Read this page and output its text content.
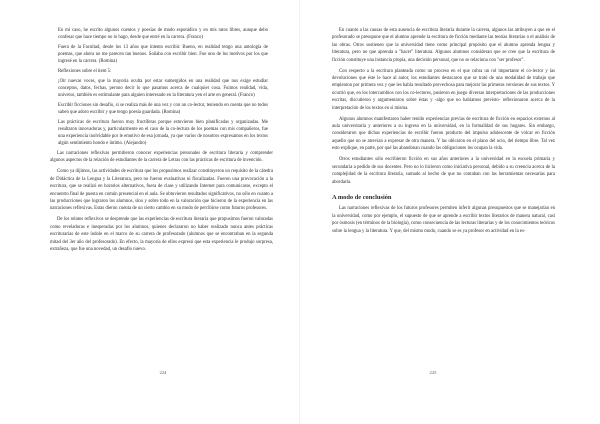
En mi caso, he escrito algunos cuentos y poesías de modo esporádico y en mis ratos libres, aunque debo confesar que hace tiempo no lo hago, desde que entré en la carrera. (Franco)

Fuera de la Facultad, desde los 13 años que intento escribir. Bueno, en realidad tengo una antología de poemas, que ahora no me parecen tan buenos. Soñaba con escribir bien. Fue uno de los motivos por los que ingresé en la carrera. (Romina)

Reflexiones sobre el ítem 5:

¡Oír nuevas voces, que la mayoría oculta por estar sumergidos en una realidad que nos exige estudiar conceptos, datos, fechas, perono decir lo que pasamos acerca de cualquier cosa. Fuimos realidad, vida, universo, también es estimulante para alguien interesado en la literatura yen el arte en general. (Franco)

Escribir ficciones sin desafío, si se realiza más de una vez y con un co-lector, teniendo en cuenta que no todos saben que adoro escribir y que tengo poesía guardada. (Romina)

Las prácticas de escritura fueron muy fructíferas porque estuvieron bien planificadas y organizadas. Me resultaron innovadoras y, particularmente en el caso de la co-lectura de los poemas con mis compañeros, fue una experiencia inolvidable por le emotivo de esa jornada, ya que varios de nosotros expresamos en los textos algún sentimiento hondo e íntimo. (Alejandro)

Las narraciones reflexivas permitieron conocer experiencias personales de escritura literaria y comprender algunos aspectos de la relación de estudiantes de la carrera de Letras con las prácticas de escritura de invención.

Como ya dijimos, las actividades de escritura que los propusimos realizar constituyeron un requisito de la cátedra de Didáctica de la Lengua y la Literatura, pero no fueron evaluativas ni fiscalizadas. Fueron una provocación a la escritura, que se realizó en horarios alternativos, fuera de clase y utilizando Internet para comunicarse, excepto el encuentro final de puesta en común presencial en el aula. Se obtuvieron resultados significativos, no sólo en cuanto a las producciones que lograron los alumnos, sino y sobre todo en la valoración que hicieron de la experiencia en las narraciones reflexivas. Estas dieron cuenta de un cierto cambio en su modo de percibirse como futuros profesores.

De los relatos reflexivos se desprende que las experiencias de escritura literaria que propusimos fueron valoradas como reveladoras e inesperadas por los alumnos, quienes declararon no haber realizado nunca antes prácticas escriturarias de este índole en el marco de su carrera de profesorado (alumnos que se encontraban en la segunda mitad del 3er año del profesorado). En efecto, la mayoría de ellos expresó que esta experiencia le produjo sorpresa, extrañeza, que fue una novedad, un desafío nuevo.

224

En cuanto a las causas de esta ausencia de escritura literaria durante la carrera, algunos las atribuyen a que en el profesorado se presupone que el alumno aprende la escritura de ficción mediante las teorías literarias o el análisis de las obras. Otros sostienen que la universidad tiene como principal propósito que el alumno aprenda lengua y literatura, pero no que aprenda a "hacer" literatura. Algunos alumnos consideran que se cree que la escritura de ficción constituye una instancia propia, una decisión personal, que no se relaciona con "ser profesor".

Con respecto a la escritura planteada como un proceso en el que cobra un rol importante el co-lector y las devoluciones que éste le hace al autor, los estudiantes destacaron que se trató de una modalidad de trabajo que emplearon por primera vez y que les había resultado provechosa para mejorar las primeras versiones de sus textos. Y ocurrió que, en los intercambios con los co-lectores, pusieron en juego diversas interpretaciones de las producciones escritas, discutieron y argumentaron sobre éstas y -algo que no habíamos previsto- reflexionaron acerca de la interpretación de los textos en sí misma.

Algunos alumnos manifestaron haber tenido experiencias previas de escritura de ficción en espacios externos al aula universitaria y anteriores a su ingreso en la universidad, en la formalidad de sus hogares. Sin embargo, consideraron que dichas experiencias de escribir fueron producto del impulso adolescente de volcar en ficción aquello que no se atrevían a expresar de otra manera. Y las ubicaron en el plano del ocio, del tiempo libre. Tal vez esto explique, en parte, por qué las abandonan cuando las obligaciones los ocupan la vida.

Otros estudiantes sólo escribieron ficción en sus años anteriores a la universidad en la escuela primaria y secundaria a pedido de sus docentes. Pero no lo hicieron como iniciativa personal, debido a su creencia acerca de la complejidad de la escritura literaria, sumado al hecho de que no contaban con las herramientas necesarias para abordarla.

A modo de conclusión

Las narraciones reflexivas de los futuros profesores permiten inferir algunas presupuestos que se manejarían en la universidad, como por ejemplo, el supuesto de que se aprende a escribir textos literarios de manera natural, casi por ósmosis (en términos de la biología), como consecuencia de las lecturas literarias y de los conocimientos teóricos sobre la lengua y la literatura. Y que, del mismo modo, cuando se es ya profesor en actividad en la es-

225
